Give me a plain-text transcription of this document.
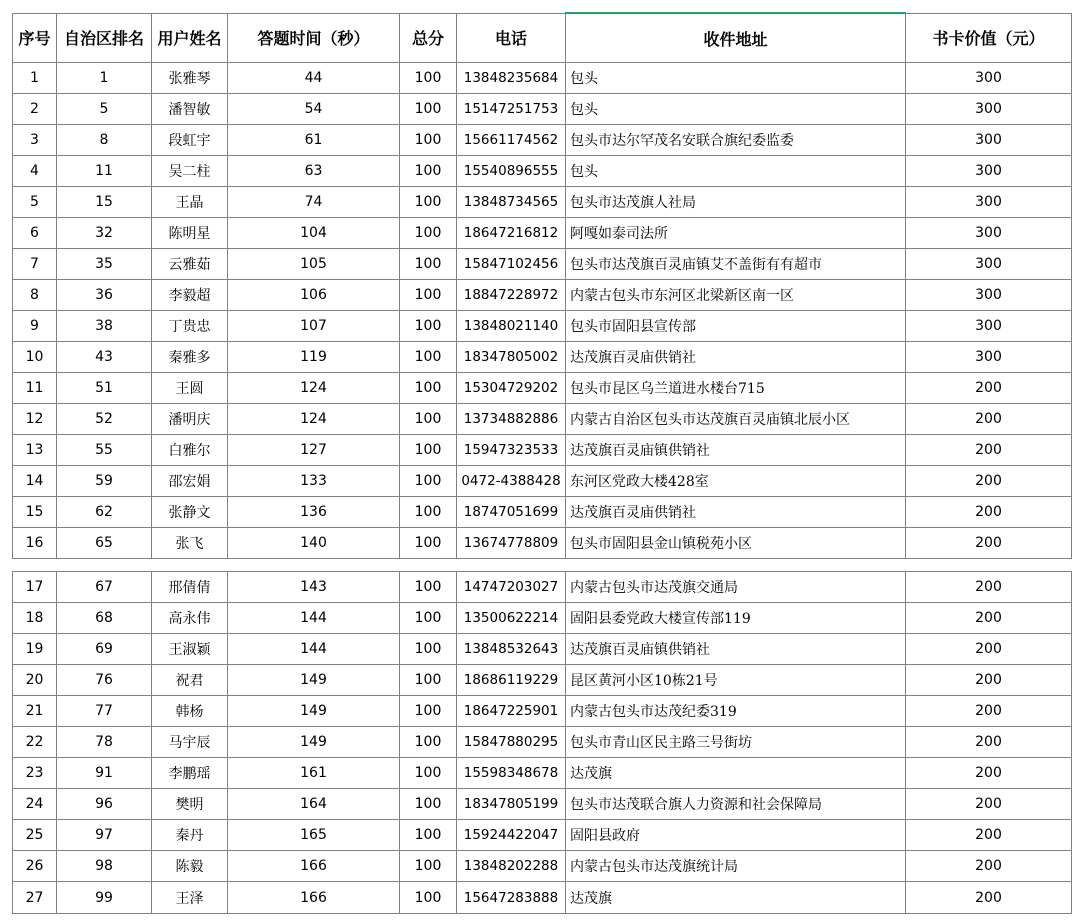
序号	自治区排名	用户姓名	答题时间（秒）	总分	电话	收件地址	书卡价值（元）
1	1	张雅琴	44	100	13848235684	包头	300
2	5	潘智敏	54	100	15147251753	包头	300
3	8	段虹宇	61	100	15661174562	包头市达尔罕茂名安联合旗纪委监委	300
4	11	吴二柱	63	100	15540896555	包头	300
5	15	王晶	74	100	13848734565	包头市达茂旗人社局	300
6	32	陈明星	104	100	18647216812	阿嘎如泰司法所	300
7	35	云雅茹	105	100	15847102456	包头市达茂旗百灵庙镇艾不盖街有有超市	300
8	36	李毅超	106	100	18847228972	内蒙古包头市东河区北梁新区南一区	300
9	38	丁贵忠	107	100	13848021140	包头市固阳县宣传部	300
10	43	秦雅多	119	100	18347805002	达茂旗百灵庙供销社	300
11	51	王圆	124	100	15304729202	包头市昆区乌兰道进水楼台715	200
12	52	潘明庆	124	100	13734882886	内蒙古自治区包头市达茂旗百灵庙镇北辰小区	200
13	55	白雅尔	127	100	15947323533	达茂旗百灵庙镇供销社	200
14	59	邵宏娟	133	100	0472-4388428	东河区党政大楼428室	200
15	62	张静文	136	100	18747051699	达茂旗百灵庙供销社	200
16	65	张飞	140	100	13674778809	包头市固阳县金山镇税苑小区	200

17	67	邢倩倩	143	100	14747203027	内蒙古包头市达茂旗交通局	200
18	68	高永伟	144	100	13500622214	固阳县委党政大楼宣传部119	200
19	69	王淑颖	144	100	13848532643	达茂旗百灵庙镇供销社	200
20	76	祝君	149	100	18686119229	昆区黄河小区10栋21号	200
21	77	韩杨	149	100	18647225901	内蒙古包头市达茂纪委319	200
22	78	马宇辰	149	100	15847880295	包头市青山区民主路三号街坊	200
23	91	李鹏瑶	161	100	15598348678	达茂旗	200
24	96	樊明	164	100	18347805199	包头市达茂联合旗人力资源和社会保障局	200
25	97	秦丹	165	100	15924422047	固阳县政府	200
26	98	陈毅	166	100	13848202288	内蒙古包头市达茂旗统计局	200
27	99	王泽	166	100	15647283888	达茂旗	200
